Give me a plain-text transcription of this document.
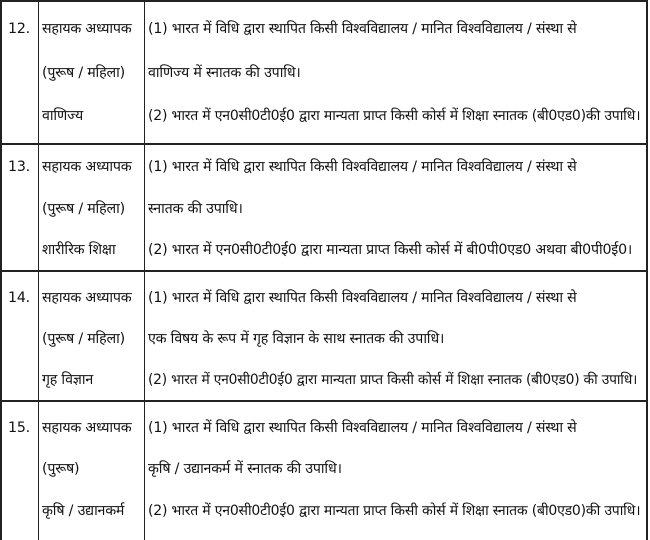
12. सहायक अध्यापक
(पुरूष / महिला)
वाणिज्य
(1) भारत में विधि द्वारा स्थापित किसी विश्वविद्यालय / मानित विश्वविद्यालय / संस्था से
वाणिज्य में स्नातक की उपाधि।
(2) भारत में एन0सी0टी0ई0 द्वारा मान्यता प्राप्त किसी कोर्स में शिक्षा स्नातक (बी0एड0)की उपाधि।
13. सहायक अध्यापक
(पुरूष / महिला)
शारीरिक शिक्षा
(1) भारत में विधि द्वारा स्थापित किसी विश्वविद्यालय / मानित विश्वविद्यालय / संस्था से
स्नातक की उपाधि।
(2) भारत में एन0सी0टी0ई0 द्वारा मान्यता प्राप्त किसी कोर्स में बी0पी0एड0 अथवा बी0पी0ई0।
14. सहायक अध्यापक
(पुरूष / महिला)
गृह विज्ञान
(1) भारत में विधि द्वारा स्थापित किसी विश्वविद्यालय / मानित विश्वविद्यालय / संस्था से
एक विषय के रूप में गृह विज्ञान के साथ स्नातक की उपाधि।
(2) भारत में एन0सी0टी0ई0 द्वारा मान्यता प्राप्त किसी कोर्स में शिक्षा स्नातक (बी0एड0) की उपाधि।
15. सहायक अध्यापक
(पुरूष)
कृषि / उद्यानकर्म
(1) भारत में विधि द्वारा स्थापित किसी विश्वविद्यालय / मानित विश्वविद्यालय / संस्था से
कृषि / उद्यानकर्म में स्नातक की उपाधि।
(2) भारत में एन0सी0टी0ई0 द्वारा मान्यता प्राप्त किसी कोर्स में शिक्षा स्नातक (बी0एड0)की उपाधि।
